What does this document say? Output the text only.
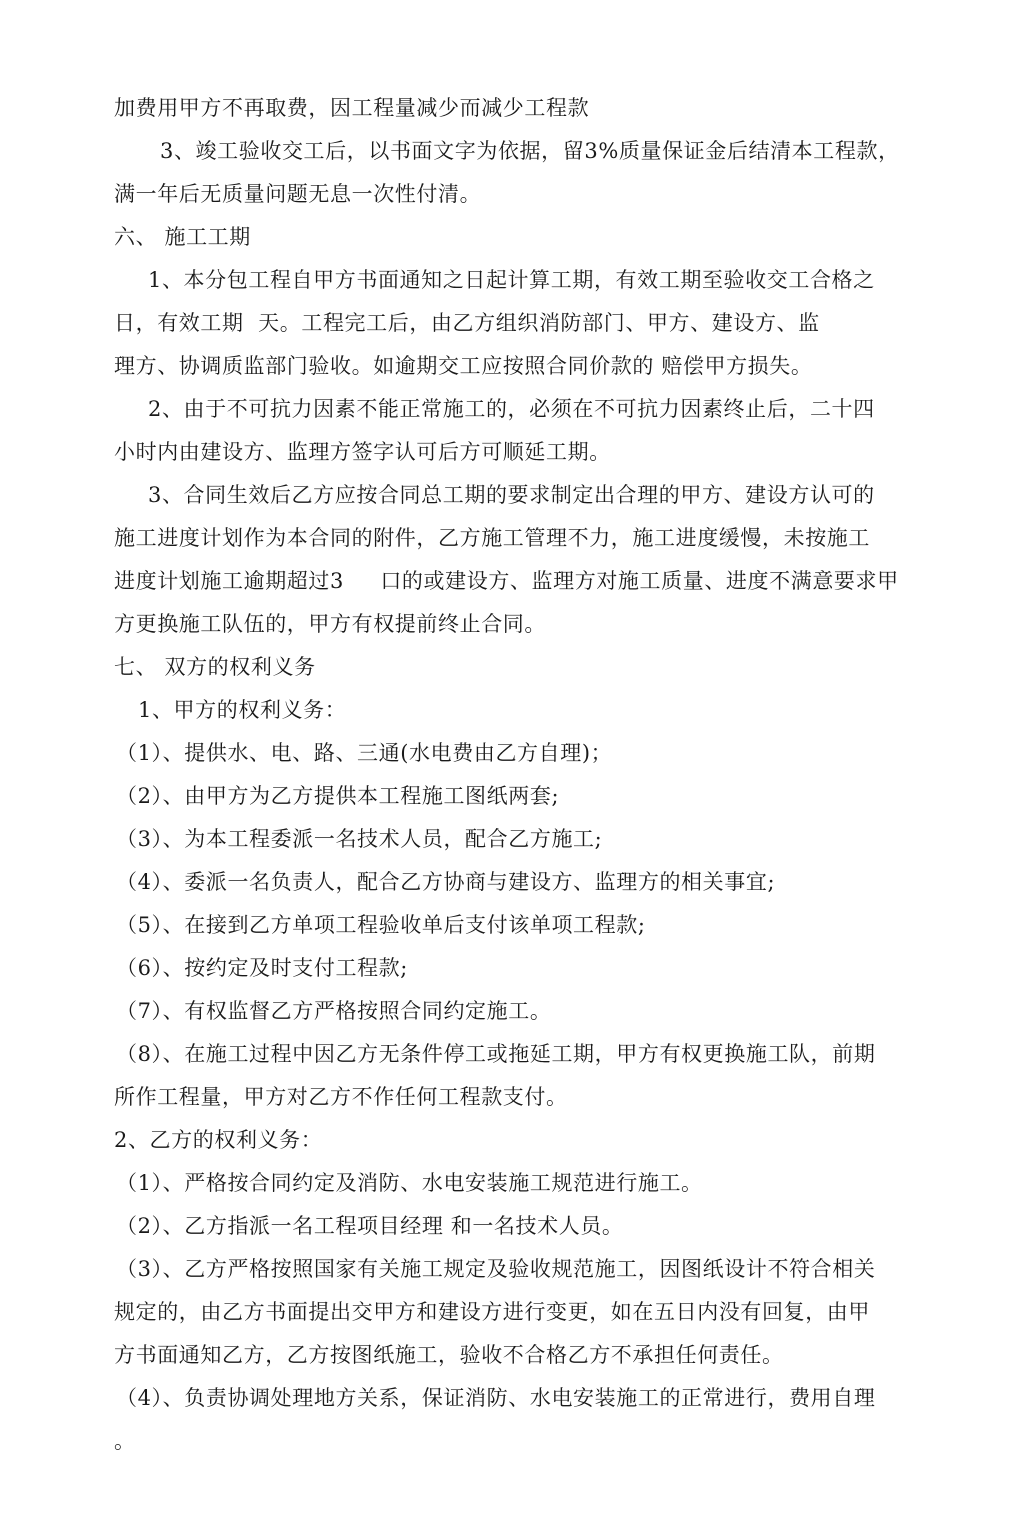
加费用甲方不再取费，因工程量减少而减少工程款
3、竣工验收交工后，以书面文字为依据，留3%质量保证金后结清本工程款，
满一年后无质量问题无息一次性付清。
六、 施工工期
1、本分包工程自甲方书面通知之日起计算工期，有效工期至验收交工合格之
日，有效工期  天。工程完工后，由乙方组织消防部门、甲方、建设方、监
理方、协调质监部门验收。如逾期交工应按照合同价款的 赔偿甲方损失。
2、由于不可抗力因素不能正常施工的，必须在不可抗力因素终止后，二十四
小时内由建设方、监理方签字认可后方可顺延工期。
3、合同生效后乙方应按合同总工期的要求制定出合理的甲方、建设方认可的
施工进度计划作为本合同的附件，乙方施工管理不力，施工进度缓慢，未按施工
进度计划施工逾期超过3     口的或建设方、监理方对施工质量、进度不满意要求甲
方更换施工队伍的，甲方有权提前终止合同。
七、 双方的权利义务
1、甲方的权利义务：
（1）、提供水、电、路、三通(水电费由乙方自理)；
（2）、由甲方为乙方提供本工程施工图纸两套;
（3）、为本工程委派一名技术人员，配合乙方施工;
（4）、委派一名负责人，配合乙方协商与建设方、监理方的相关事宜;
（5）、在接到乙方单项工程验收单后支付该单项工程款;
（6）、按约定及时支付工程款;
（7）、有权监督乙方严格按照合同约定施工。
（8）、在施工过程中因乙方无条件停工或拖延工期，甲方有权更换施工队，前期
所作工程量，甲方对乙方不作任何工程款支付。
2、乙方的权利义务：
（1）、严格按合同约定及消防、水电安装施工规范进行施工。
（2）、乙方指派一名工程项目经理 和一名技术人员。
（3）、乙方严格按照国家有关施工规定及验收规范施工，因图纸设计不符合相关
规定的，由乙方书面提出交甲方和建设方进行变更，如在五日内没有回复，由甲
方书面通知乙方，乙方按图纸施工，验收不合格乙方不承担任何责任。
（4）、负责协调处理地方关系，保证消防、水电安装施工的正常进行，费用自理
。
